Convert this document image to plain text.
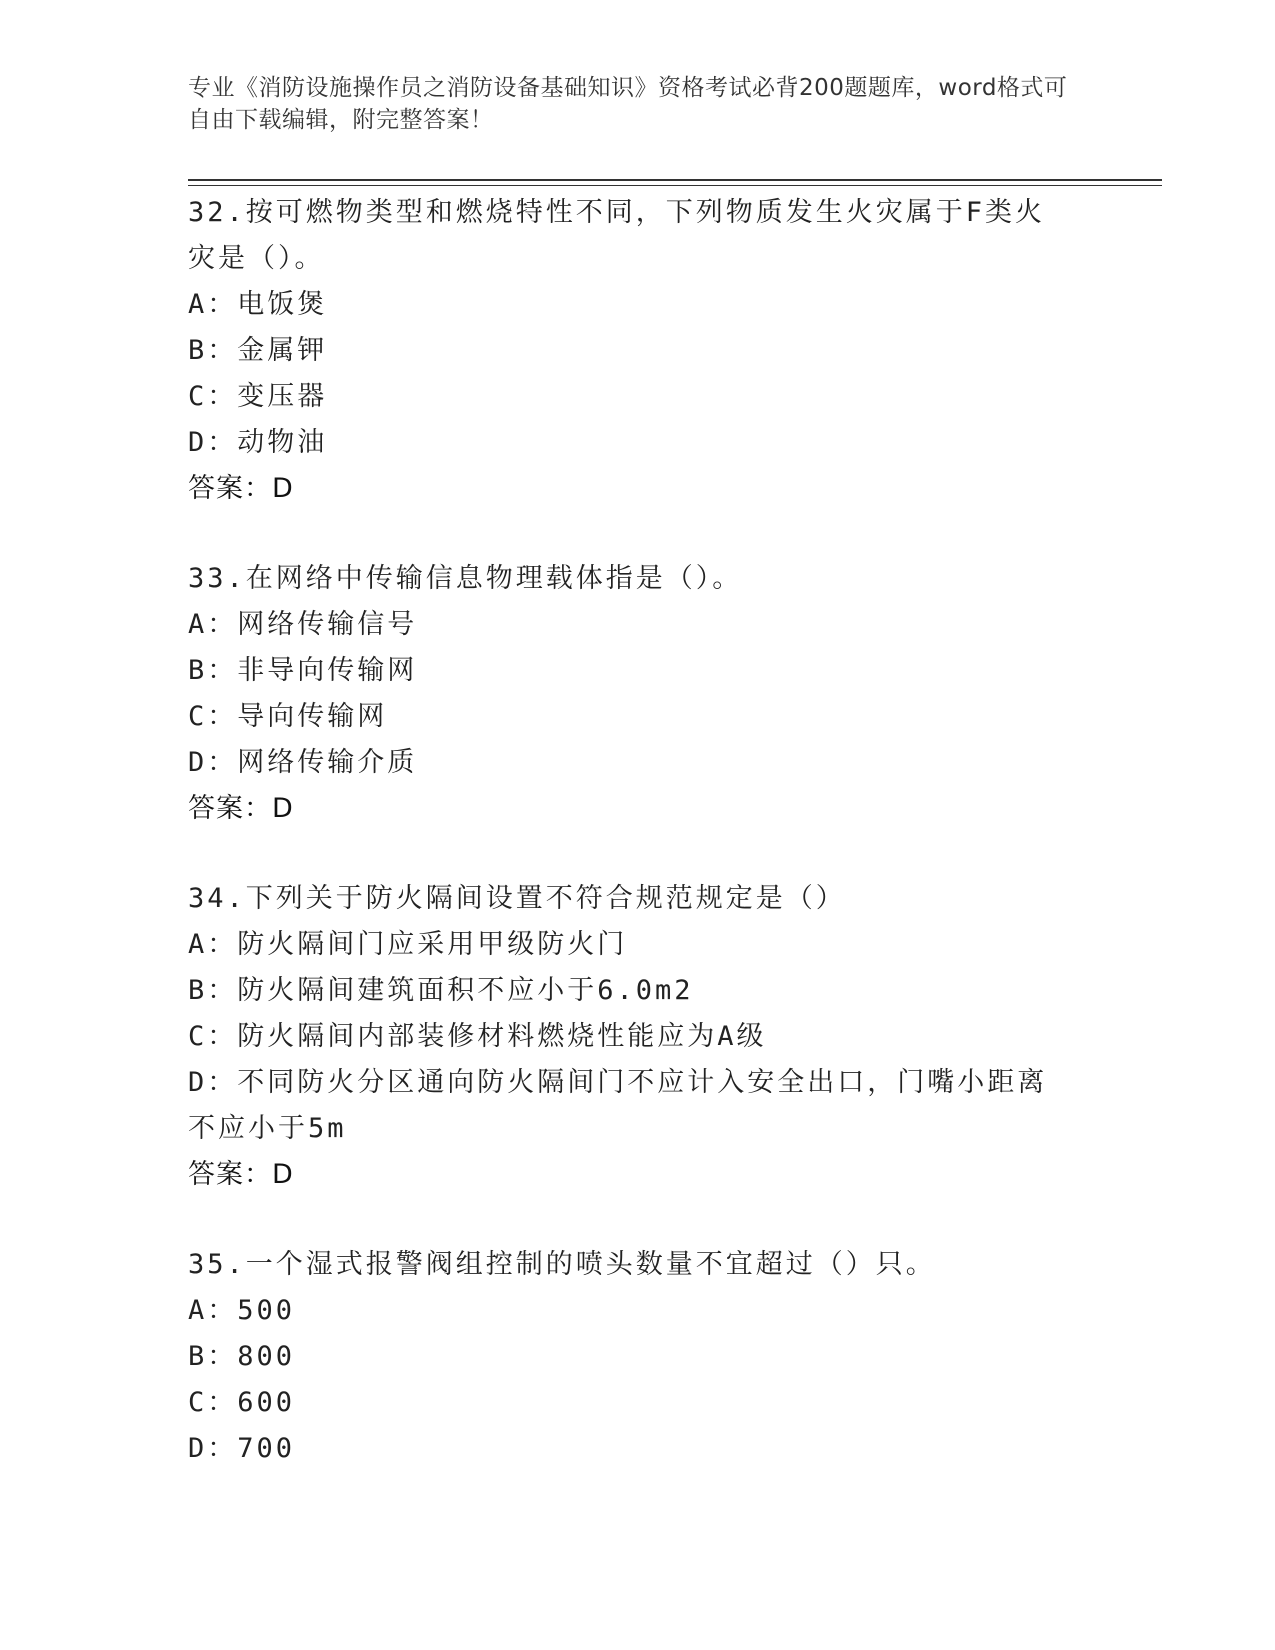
专业《消防设施操作员之消防设备基础知识》资格考试必背200题题库，word格式可自由下载编辑，附完整答案！
32.按可燃物类型和燃烧特性不同，下列物质发生火灾属于F类火灾是（）。
A：电饭煲
B：金属钾
C：变压器
D：动物油
答案：D
33.在网络中传输信息物理载体指是（）。
A：网络传输信号
B：非导向传输网
C：导向传输网
D：网络传输介质
答案：D
34.下列关于防火隔间设置不符合规范规定是（）
A：防火隔间门应采用甲级防火门
B：防火隔间建筑面积不应小于6.0m2
C：防火隔间内部装修材料燃烧性能应为A级
D：不同防火分区通向防火隔间门不应计入安全出口，门嘴小距离不应小于5m
答案：D
35.一个湿式报警阀组控制的喷头数量不宜超过（）只。
A：500
B：800
C：600
D：700
